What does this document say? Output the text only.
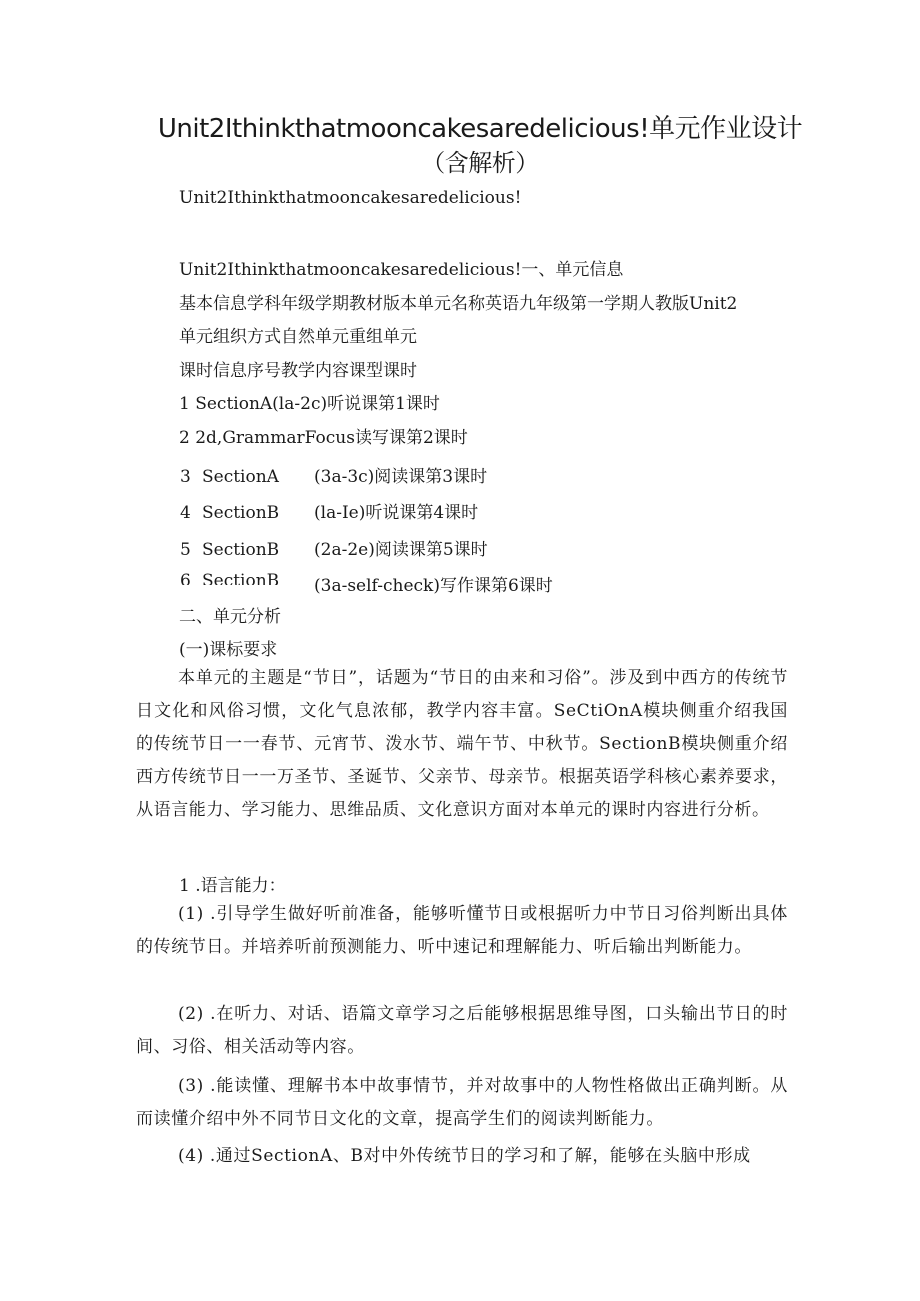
Unit2Ithinkthatmooncakesaredelicious!单元作业设计
（含解析）
Unit2Ithinkthatmooncakesaredelicious!
Unit2Ithinkthatmooncakesaredelicious!一、单元信息
基本信息学科年级学期教材版本单元名称英语九年级第一学期人教版Unit2
单元组织方式自然单元重组单元
课时信息序号教学内容课型课时
1 SectionA(la-2c)听说课第1课时
2 2d,GrammarFocus读写课第2课时
3 SectionA (3a-3c)阅读课第3课时
4 SectionB (la-Ie)听说课第4课时
5 SectionB (2a-2e)阅读课第5课时
6 SectionB (3a-self-check)写作课第6课时
二、单元分析
(一)课标要求

本单元的主题是“节日”，话题为“节日的由来和习俗”。涉及到中西方的传统节日文化和风俗习惯，文化气息浓郁，教学内容丰富。SeCtiOnA模块侧重介绍我国的传统节日一一春节、元宵节、泼水节、端午节、中秋节。SectionB模块侧重介绍西方传统节日一一万圣节、圣诞节、父亲节、母亲节。根据英语学科核心素养要求，从语言能力、学习能力、思维品质、文化意识方面对本单元的课时内容进行分析。

1 .语言能力：

(1) .引导学生做好听前准备，能够听懂节日或根据听力中节日习俗判断出具体的传统节日。并培养听前预测能力、听中速记和理解能力、听后输出判断能力。

(2) .在听力、对话、语篇文章学习之后能够根据思维导图，口头输出节日的时间、习俗、相关活动等内容。

(3) .能读懂、理解书本中故事情节，并对故事中的人物性格做出正确判断。从而读懂介绍中外不同节日文化的文章，提高学生们的阅读判断能力。

(4) .通过SectionA、B对中外传统节日的学习和了解，能够在头脑中形成
